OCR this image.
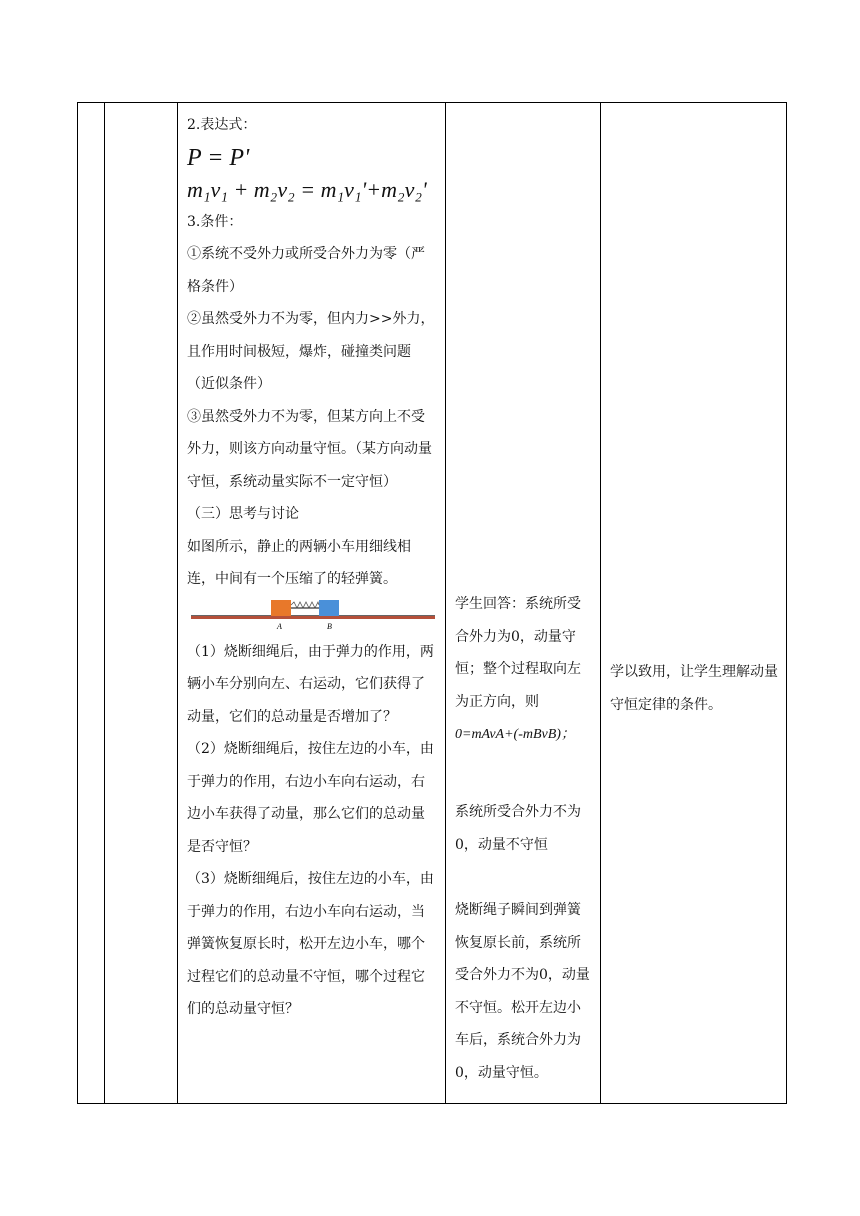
2.表达式：

P = P'

m₁v₁ + m₂v₂ = m₁v₁'+m₂v₂'

3.条件：

①系统不受外力或所受合外力为零（严格条件）

②虽然受外力不为零，但内力>>外力，且作用时间极短，爆炸，碰撞类问题（近似条件）

③虽然受外力不为零，但某方向上不受外力，则该方向动量守恒。（某方向动量守恒，系统动量实际不一定守恒）

（三）思考与讨论

如图所示，静止的两辆小车用细线相连，中间有一个压缩了的轻弹簧。

A	B

（1）烧断细绳后，由于弹力的作用，两辆小车分别向左、右运动，它们获得了动量，它们的总动量是否增加了？

（2）烧断细绳后，按住左边的小车，由于弹力的作用，右边小车向右运动，右边小车获得了动量，那么它们的总动量是否守恒？

（3）烧断细绳后，按住左边的小车，由于弹力的作用，右边小车向右运动，当弹簧恢复原长时，松开左边小车，哪个过程它们的总动量不守恒，哪个过程它们的总动量守恒？

学生回答：系统所受合外力为0，动量守恒；整个过程取向左为正方向，则
0=mAvA+(-mBvB)；

系统所受合外力不为0，动量不守恒

烧断绳子瞬间到弹簧恢复原长前，系统所受合外力不为0，动量不守恒。松开左边小车后，系统合外力为0，动量守恒。

学以致用，让学生理解动量守恒定律的条件。
